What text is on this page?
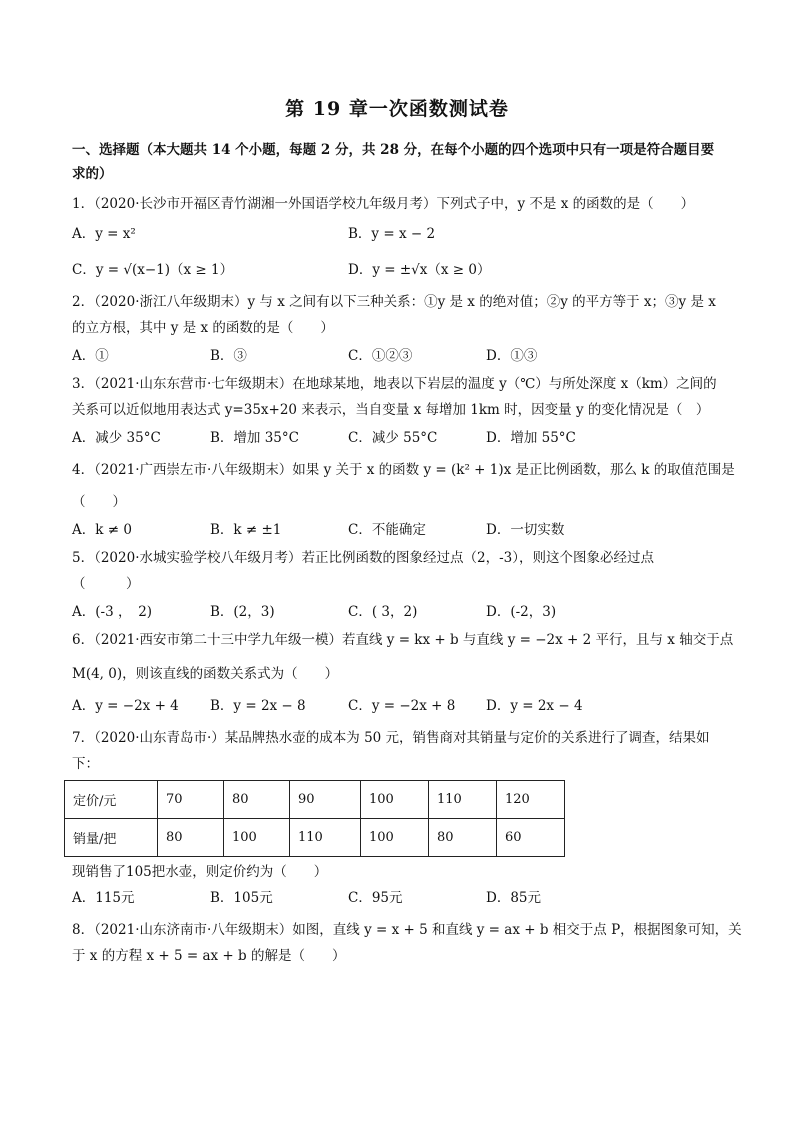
第 19 章一次函数测试卷
一、选择题（本大题共 14 个小题，每题 2 分，共 28 分，在每个小题的四个选项中只有一项是符合题目要
求的）
1．（2020·长沙市开福区青竹湖湘一外国语学校九年级月考）下列式子中，y 不是 x 的函数的是（　　）
A．y = x²	B．y = x − 2
C．y = √(x−1)（x ≥ 1）	D．y = ±√x（x ≥ 0）
2．（2020·浙江八年级期末）y 与 x 之间有以下三种关系：①y 是 x 的绝对值；②y 的平方等于 x；③y 是 x
的立方根，其中 y 是 x 的函数的是（　　）
A．①	B．③	C．①②③	D．①③
3．（2021·山东东营市·七年级期末）在地球某地，地表以下岩层的温度 y（℃）与所处深度 x（km）之间的
关系可以近似地用表达式 y=35x+20 来表示，当自变量 x 每增加 1km 时，因变量 y 的变化情况是（　）
A．减少 35°C	B．增加 35°C	C．减少 55°C	D．增加 55°C
4．（2021·广西崇左市·八年级期末）如果 y 关于 x 的函数 y = (k² + 1)x 是正比例函数，那么 k 的取值范围是
（　　）
A．k ≠ 0	B．k ≠ ±1	C．不能确定	D．一切实数
5．（2020·水城实验学校八年级月考）若正比例函数的图象经过点（2，-3），则这个图象必经过点
（　　　）
A．(-3 ，　2)	B．(2，3)	C．( 3，2)	D．(-2，3)
6．（2021·西安市第二十三中学九年级一模）若直线 y = kx + b 与直线 y = −2x + 2 平行，且与 x 轴交于点
M(4, 0)，则该直线的函数关系式为（　　）
A．y = −2x + 4 B．y = 2x − 8	C．y = −2x + 8 D．y = 2x − 4
7．（2020·山东青岛市·）某品牌热水壶的成本为 50 元，销售商对其销量与定价的关系进行了调查，结果如
下：
定价/元	70	80	90	100	110	120
销量/把	80	100	110	100	80	60
现销售了105把水壶，则定价约为（　　）
A．115元	B．105元	C．95元	D．85元
8．（2021·山东济南市·八年级期末）如图，直线 y = x + 5 和直线 y = ax + b 相交于点 P，根据图象可知，关
于 x 的方程 x + 5 = ax + b 的解是（　　）
